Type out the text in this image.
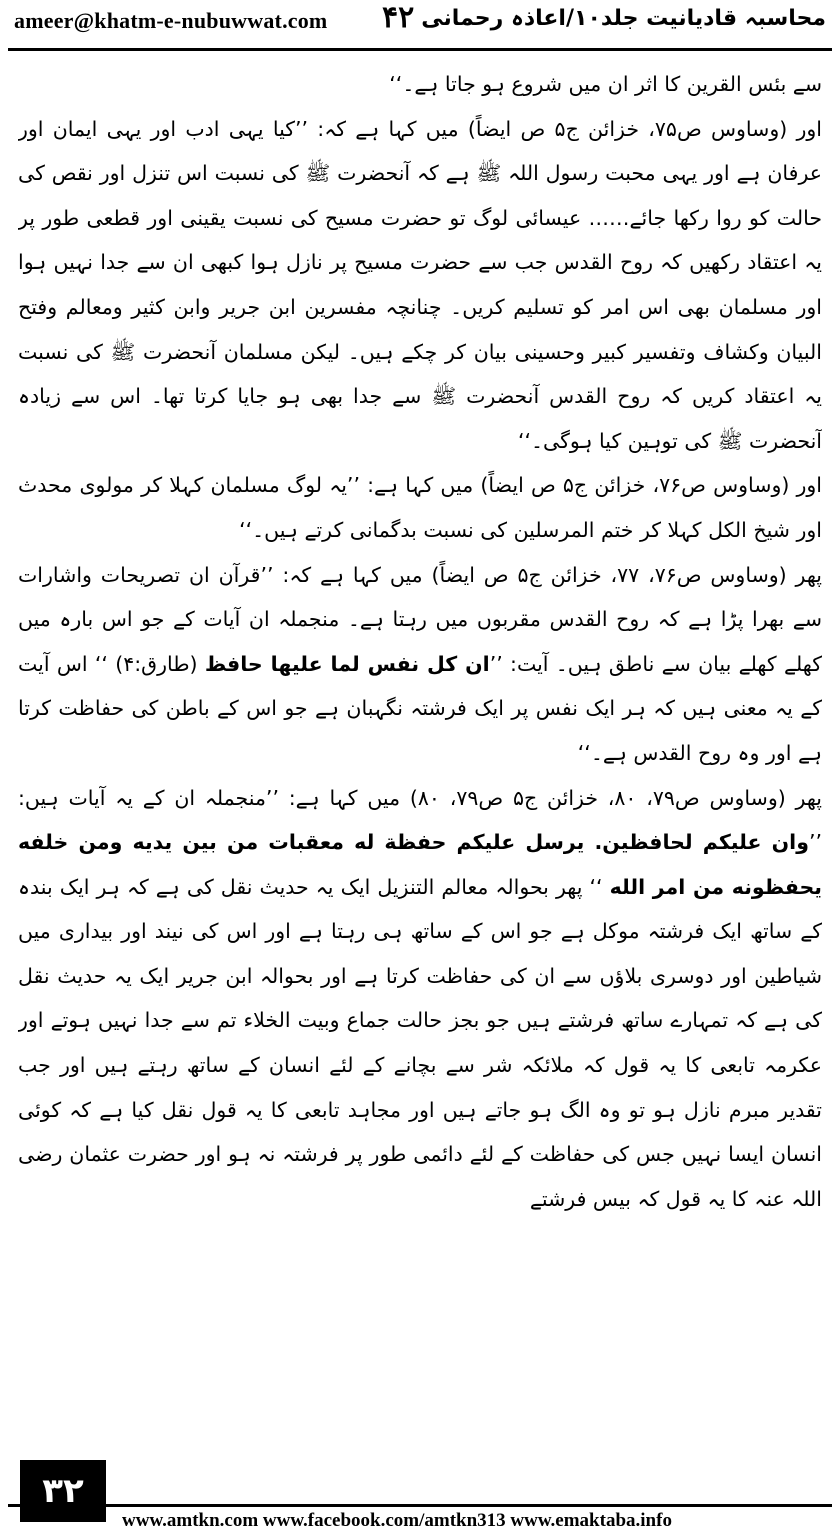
ameer@khatm-e-nubuwwat.com ۴۲ محاسبہ قادیانیت جلد۱۰/اعاذہ رحمانی

سے بئس القرین کا اثر ان میں شروع ہو جاتا ہے۔‘‘

اور (وساوس ص۷۵، خزائن ج۵ ص ایضاً) میں کہا ہے کہ: ’’کیا یہی ادب اور یہی ایمان اور عرفان ہے اور یہی محبت رسول اللہ ﷺ ہے کہ آنحضرت ﷺ کی نسبت اس تنزل اور نقص کی حالت کو روا رکھا جائے…… عیسائی لوگ تو حضرت مسیح کی نسبت یقینی اور قطعی طور پر یہ اعتقاد رکھیں کہ روح القدس جب سے حضرت مسیح پر نازل ہوا کبھی ان سے جدا نہیں ہوا اور مسلمان بھی اس امر کو تسلیم کریں۔ چنانچہ مفسرین ابن جریر وابن کثیر ومعالم وفتح البیان وکشاف وتفسیر کبیر وحسینی بیان کر چکے ہیں۔ لیکن مسلمان آنحضرت ﷺ کی نسبت یہ اعتقاد کریں کہ روح القدس آنحضرت ﷺ سے جدا بھی ہو جایا کرتا تھا۔ اس سے زیادہ آنحضرت ﷺ کی توہین کیا ہوگی۔‘‘

اور (وساوس ص۷۶، خزائن ج۵ ص ایضاً) میں کہا ہے: ’’یہ لوگ مسلمان کہلا کر مولوی محدث اور شیخ الکل کہلا کر ختم المرسلین کی نسبت بدگمانی کرتے ہیں۔‘‘

پھر (وساوس ص۷۶، ۷۷، خزائن ج۵ ص ایضاً) میں کہا ہے کہ: ’’قرآن ان تصریحات واشارات سے بھرا پڑا ہے کہ روح القدس مقربوں میں رہتا ہے۔ منجملہ ان آیات کے جو اس بارہ میں کھلے کھلے بیان سے ناطق ہیں۔ آیت: ’’ان کل نفس لما علیها حافظ (طارق:۴) ‘‘ اس آیت کے یہ معنی ہیں کہ ہر ایک نفس پر ایک فرشتہ نگہبان ہے جو اس کے باطن کی حفاظت کرتا ہے اور وہ روح القدس ہے۔‘‘

پھر (وساوس ص۷۹، ۸۰، خزائن ج۵ ص۷۹، ۸۰) میں کہا ہے: ’’منجملہ ان کے یہ آیات ہیں: ’’وان علیکم لحافظین. یرسل علیکم حفظة له معقبات من بین یدیه ومن خلفه یحفظونه من امر الله ‘‘ پھر بحوالہ معالم التنزیل ایک یہ حدیث نقل کی ہے کہ ہر ایک بندہ کے ساتھ ایک فرشتہ موکل ہے جو اس کے ساتھ ہی رہتا ہے اور اس کی نیند اور بیداری میں شیاطین اور دوسری بلاؤں سے ان کی حفاظت کرتا ہے اور بحوالہ ابن جریر ایک یہ حدیث نقل کی ہے کہ تمہارے ساتھ فرشتے ہیں جو بجز حالت جماع وبیت الخلاء تم سے جدا نہیں ہوتے اور عکرمہ تابعی کا یہ قول کہ ملائکہ شر سے بچانے کے لئے انسان کے ساتھ رہتے ہیں اور جب تقدیر مبرم نازل ہو تو وہ الگ ہو جاتے ہیں اور مجاہد تابعی کا یہ قول نقل کیا ہے کہ کوئی انسان ایسا نہیں جس کی حفاظت کے لئے دائمی طور پر فرشتہ نہ ہو اور حضرت عثمان رضی اللہ عنہ کا یہ قول کہ بیس فرشتے

۳۲
www.amtkn.com www.facebook.com/amtkn313 www.emaktaba.info
